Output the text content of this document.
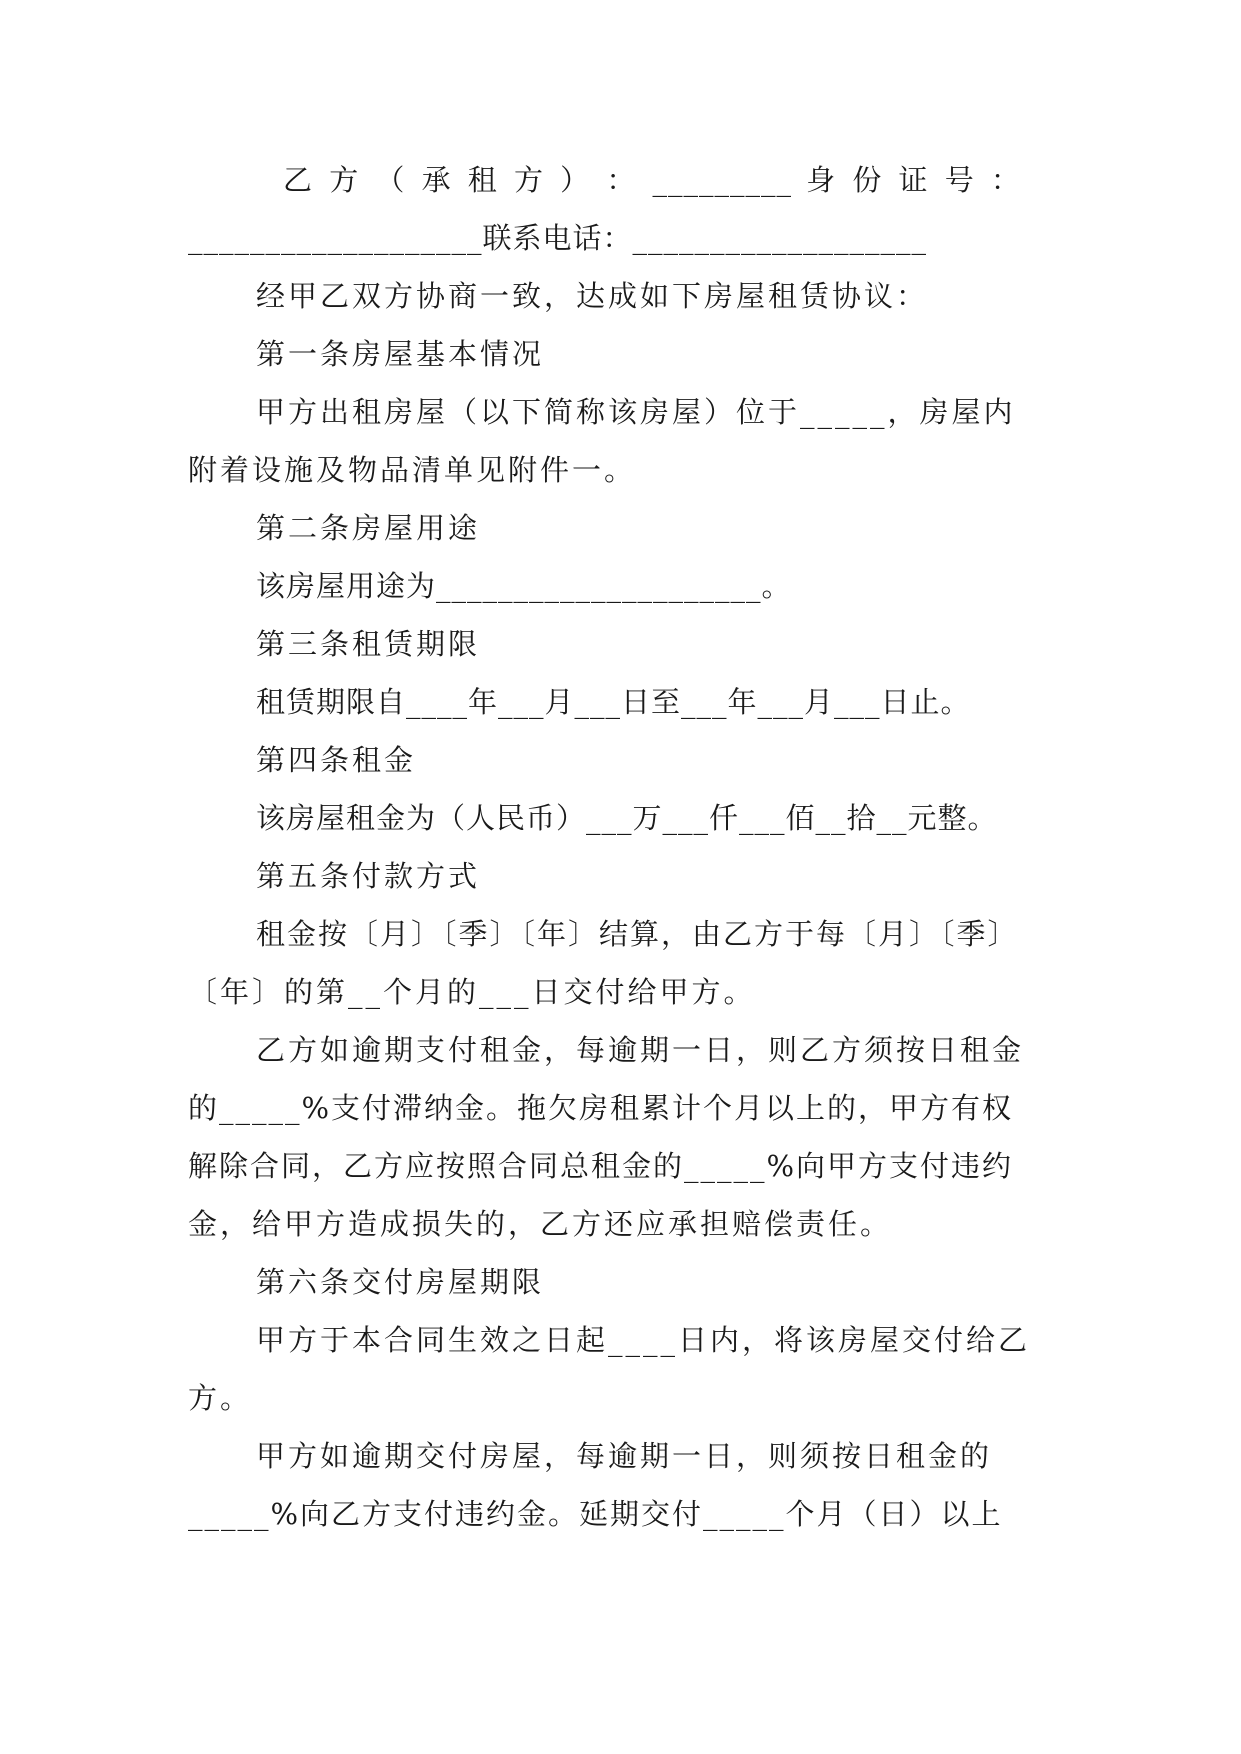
乙 方 （ 承 租 方 ） ： _________ 身 份 证 号 ：
___________________联系电话：___________________
经甲乙双方协商一致，达成如下房屋租赁协议：
第一条房屋基本情况
甲方出租房屋（以下简称该房屋）位于_____，房屋内
附着设施及物品清单见附件一。
第二条房屋用途
该房屋用途为_____________________。
第三条租赁期限
租赁期限自____年___月___日至___年___月___日止。
第四条租金
该房屋租金为（人民币）___万___仟___佰__拾__元整。
第五条付款方式
租金按〔月〕〔季〕〔年〕结算，由乙方于每〔月〕〔季〕
〔年〕的第__个月的___日交付给甲方。
乙方如逾期支付租金，每逾期一日，则乙方须按日租金
的_____%支付滞纳金。拖欠房租累计个月以上的，甲方有权
解除合同，乙方应按照合同总租金的_____%向甲方支付违约
金，给甲方造成损失的，乙方还应承担赔偿责任。
第六条交付房屋期限
甲方于本合同生效之日起____日内，将该房屋交付给乙
方。
甲方如逾期交付房屋，每逾期一日，则须按日租金的
_____%向乙方支付违约金。延期交付_____个月（日）以上
